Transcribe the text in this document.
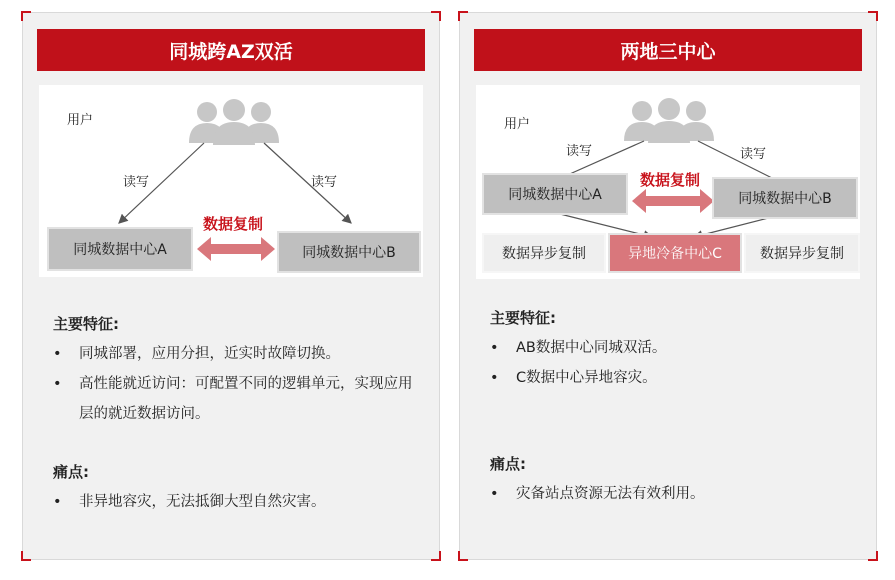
同城跨AZ双活
用户
读写	读写
数据复制
同城数据中心A	同城数据中心B
主要特征:
• 同城部署，应用分担，近实时故障切换。
• 高性能就近访问：可配置不同的逻辑单元，实现应用层的就近数据访问。
痛点:
• 非异地容灾，无法抵御大型自然灾害。
两地三中心
用户
读写	读写
数据复制
同城数据中心A	同城数据中心B
数据异步复制	异地冷备中心C	数据异步复制
主要特征:
• AB数据中心同城双活。
• C数据中心异地容灾。
痛点:
• 灾备站点资源无法有效利用。
